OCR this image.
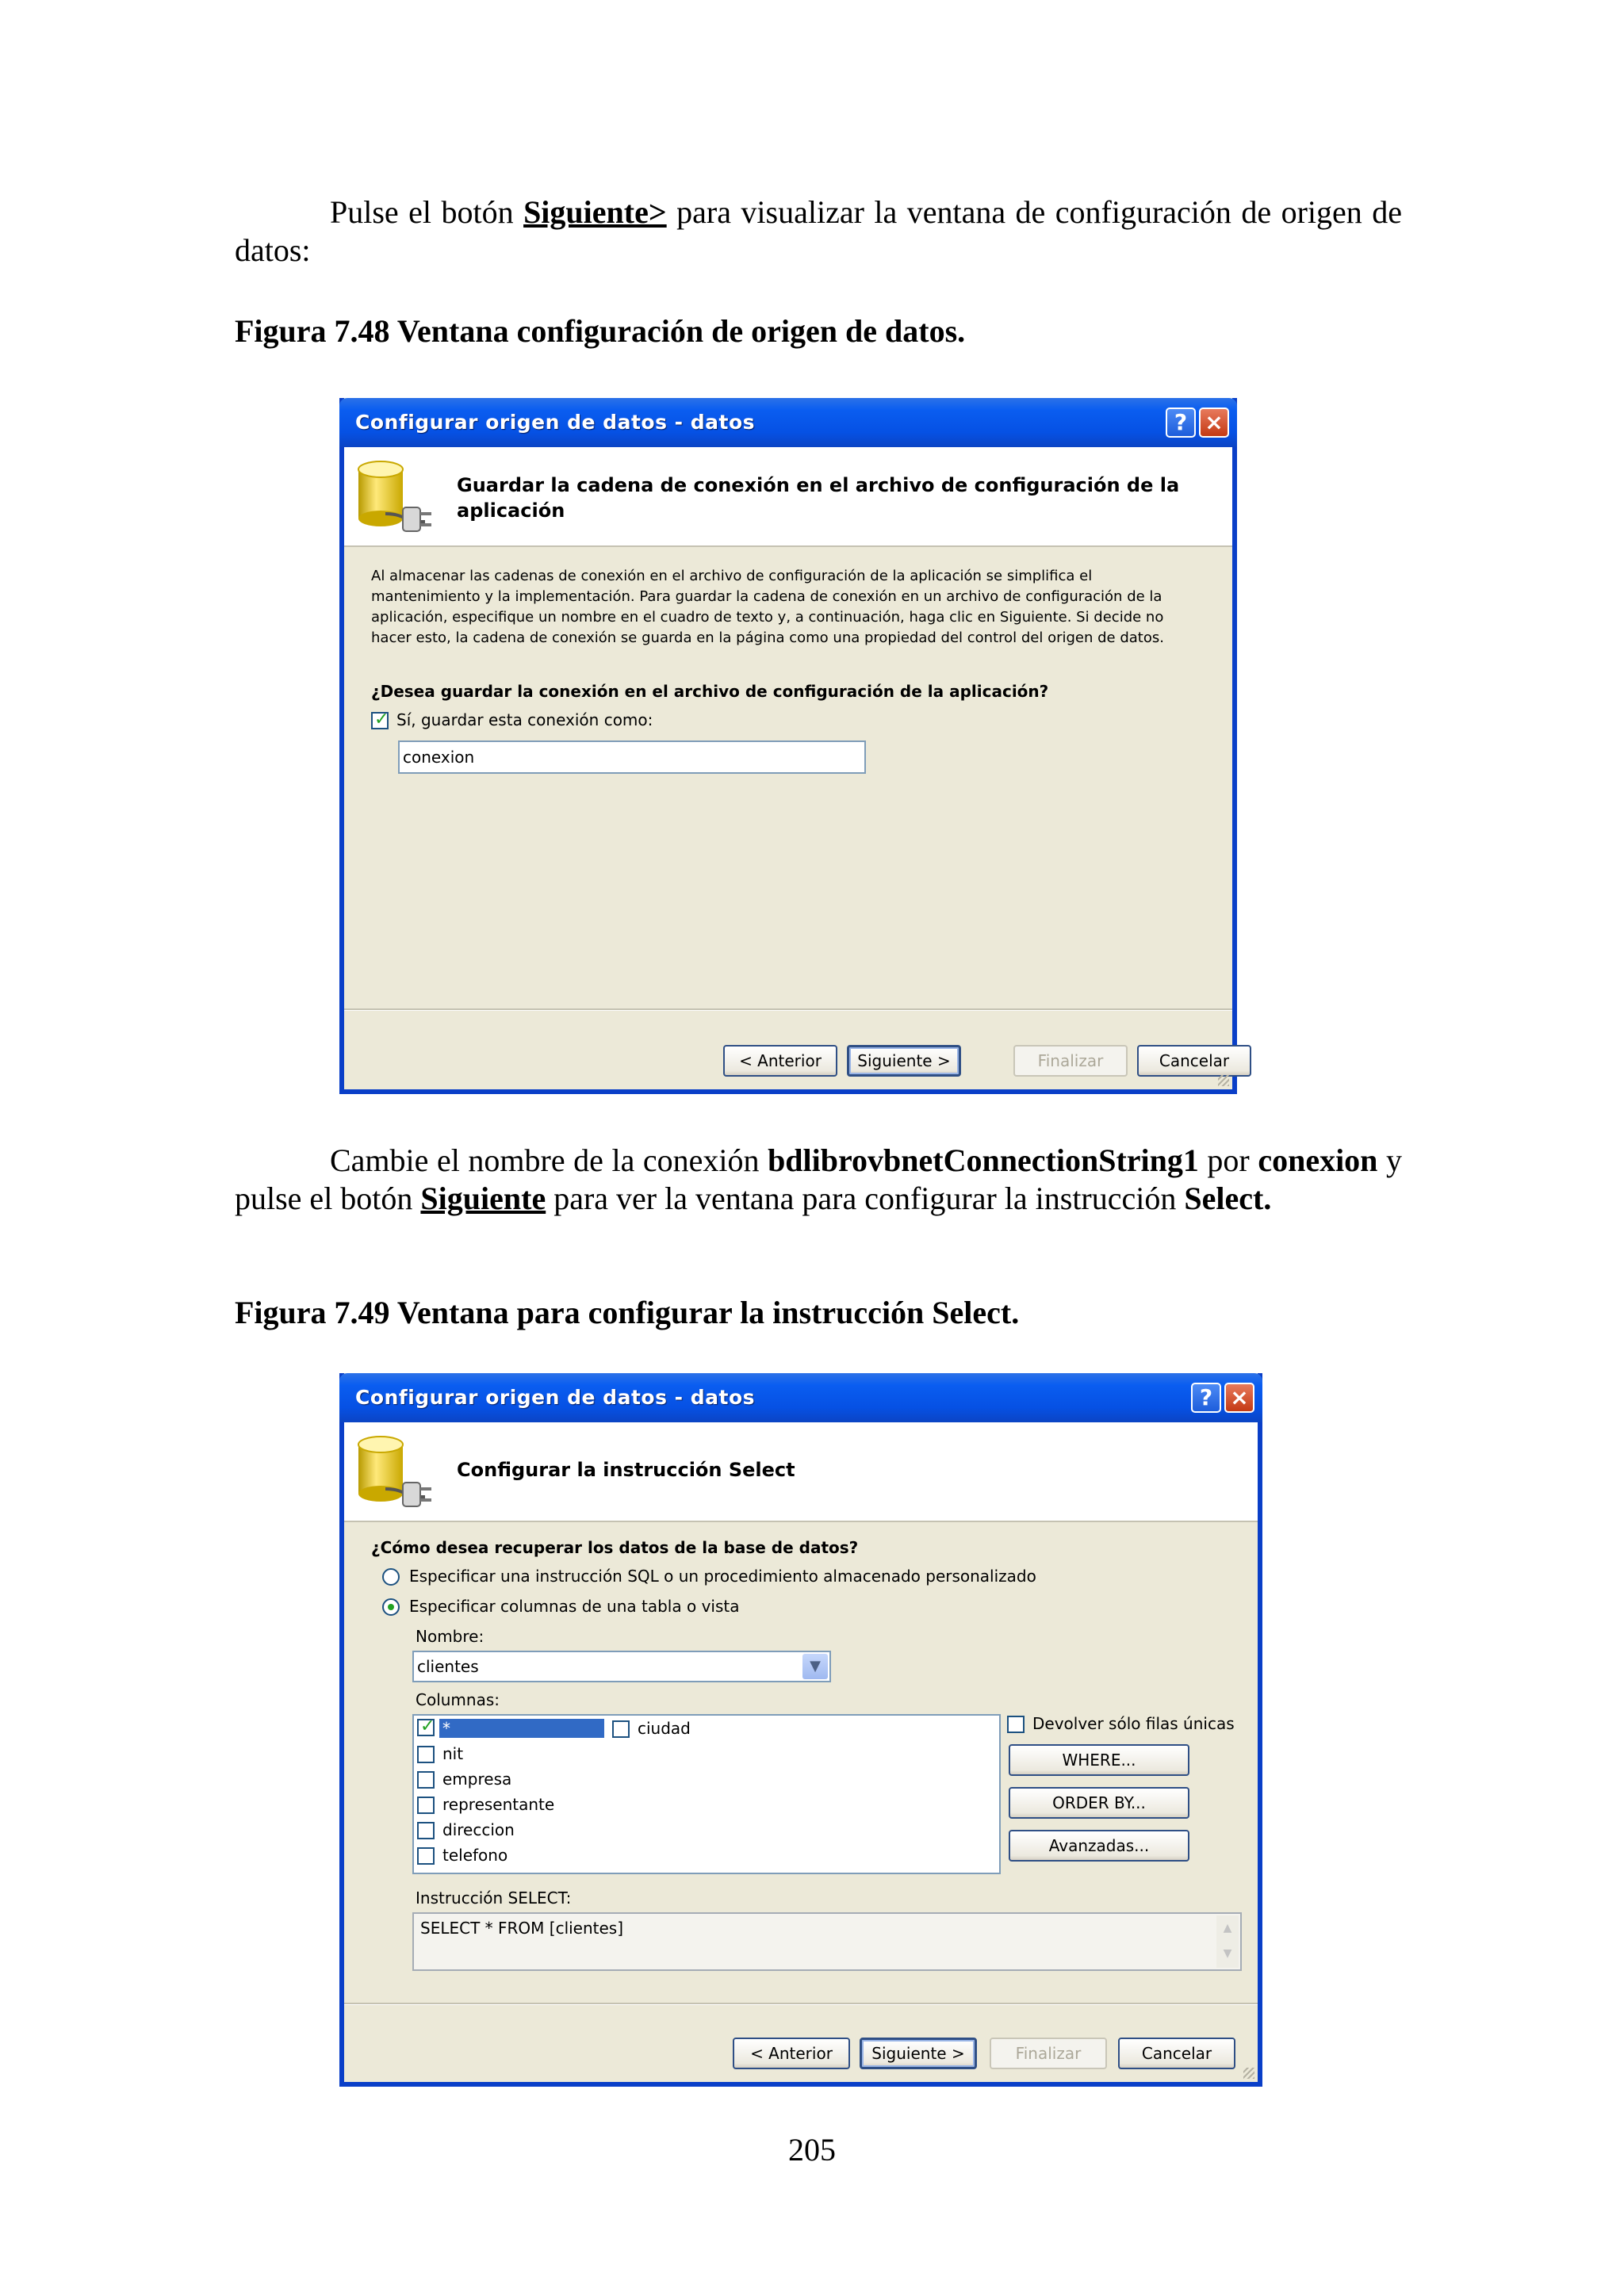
Pulse el botón Siguiente> para visualizar la ventana de configuración de origen de datos:
Figura 7.48 Ventana configuración de origen de datos.
Configurar origen de datos - datos	? ×
Guardar la cadena de conexión en el archivo de configuración de la
aplicación
Al almacenar las cadenas de conexión en el archivo de configuración de la aplicación se simplifica el
mantenimiento y la implementación. Para guardar la cadena de conexión en un archivo de configuración de la
aplicación, especifique un nombre en el cuadro de texto y, a continuación, haga clic en Siguiente. Si decide no
hacer esto, la cadena de conexión se guarda en la página como una propiedad del control del origen de datos.
¿Desea guardar la conexión en el archivo de configuración de la aplicación?
✓ Sí, guardar esta conexión como:
conexion
< Anterior	Siguiente >	Finalizar	Cancelar
Cambie el nombre de la conexión bdlibrovbnetConnectionString1 por conexion y pulse el botón Siguiente para ver la ventana para configurar la instrucción Select.
Figura 7.49 Ventana para configurar la instrucción Select.
Configurar origen de datos - datos	? ×
Configurar la instrucción Select
¿Cómo desea recuperar los datos de la base de datos?
Especificar una instrucción SQL o un procedimiento almacenado personalizado
Especificar columnas de una tabla o vista
Nombre:
clientes	▼
Columnas:
✓ *
nit
empresa
representante
direccion
telefono
ciudad	Devolver sólo filas únicas
WHERE...
ORDER BY...
Avanzadas...
Instrucción SELECT:
SELECT * FROM [clientes]	▲
▼
< Anterior	Siguiente >	Finalizar	Cancelar
205
